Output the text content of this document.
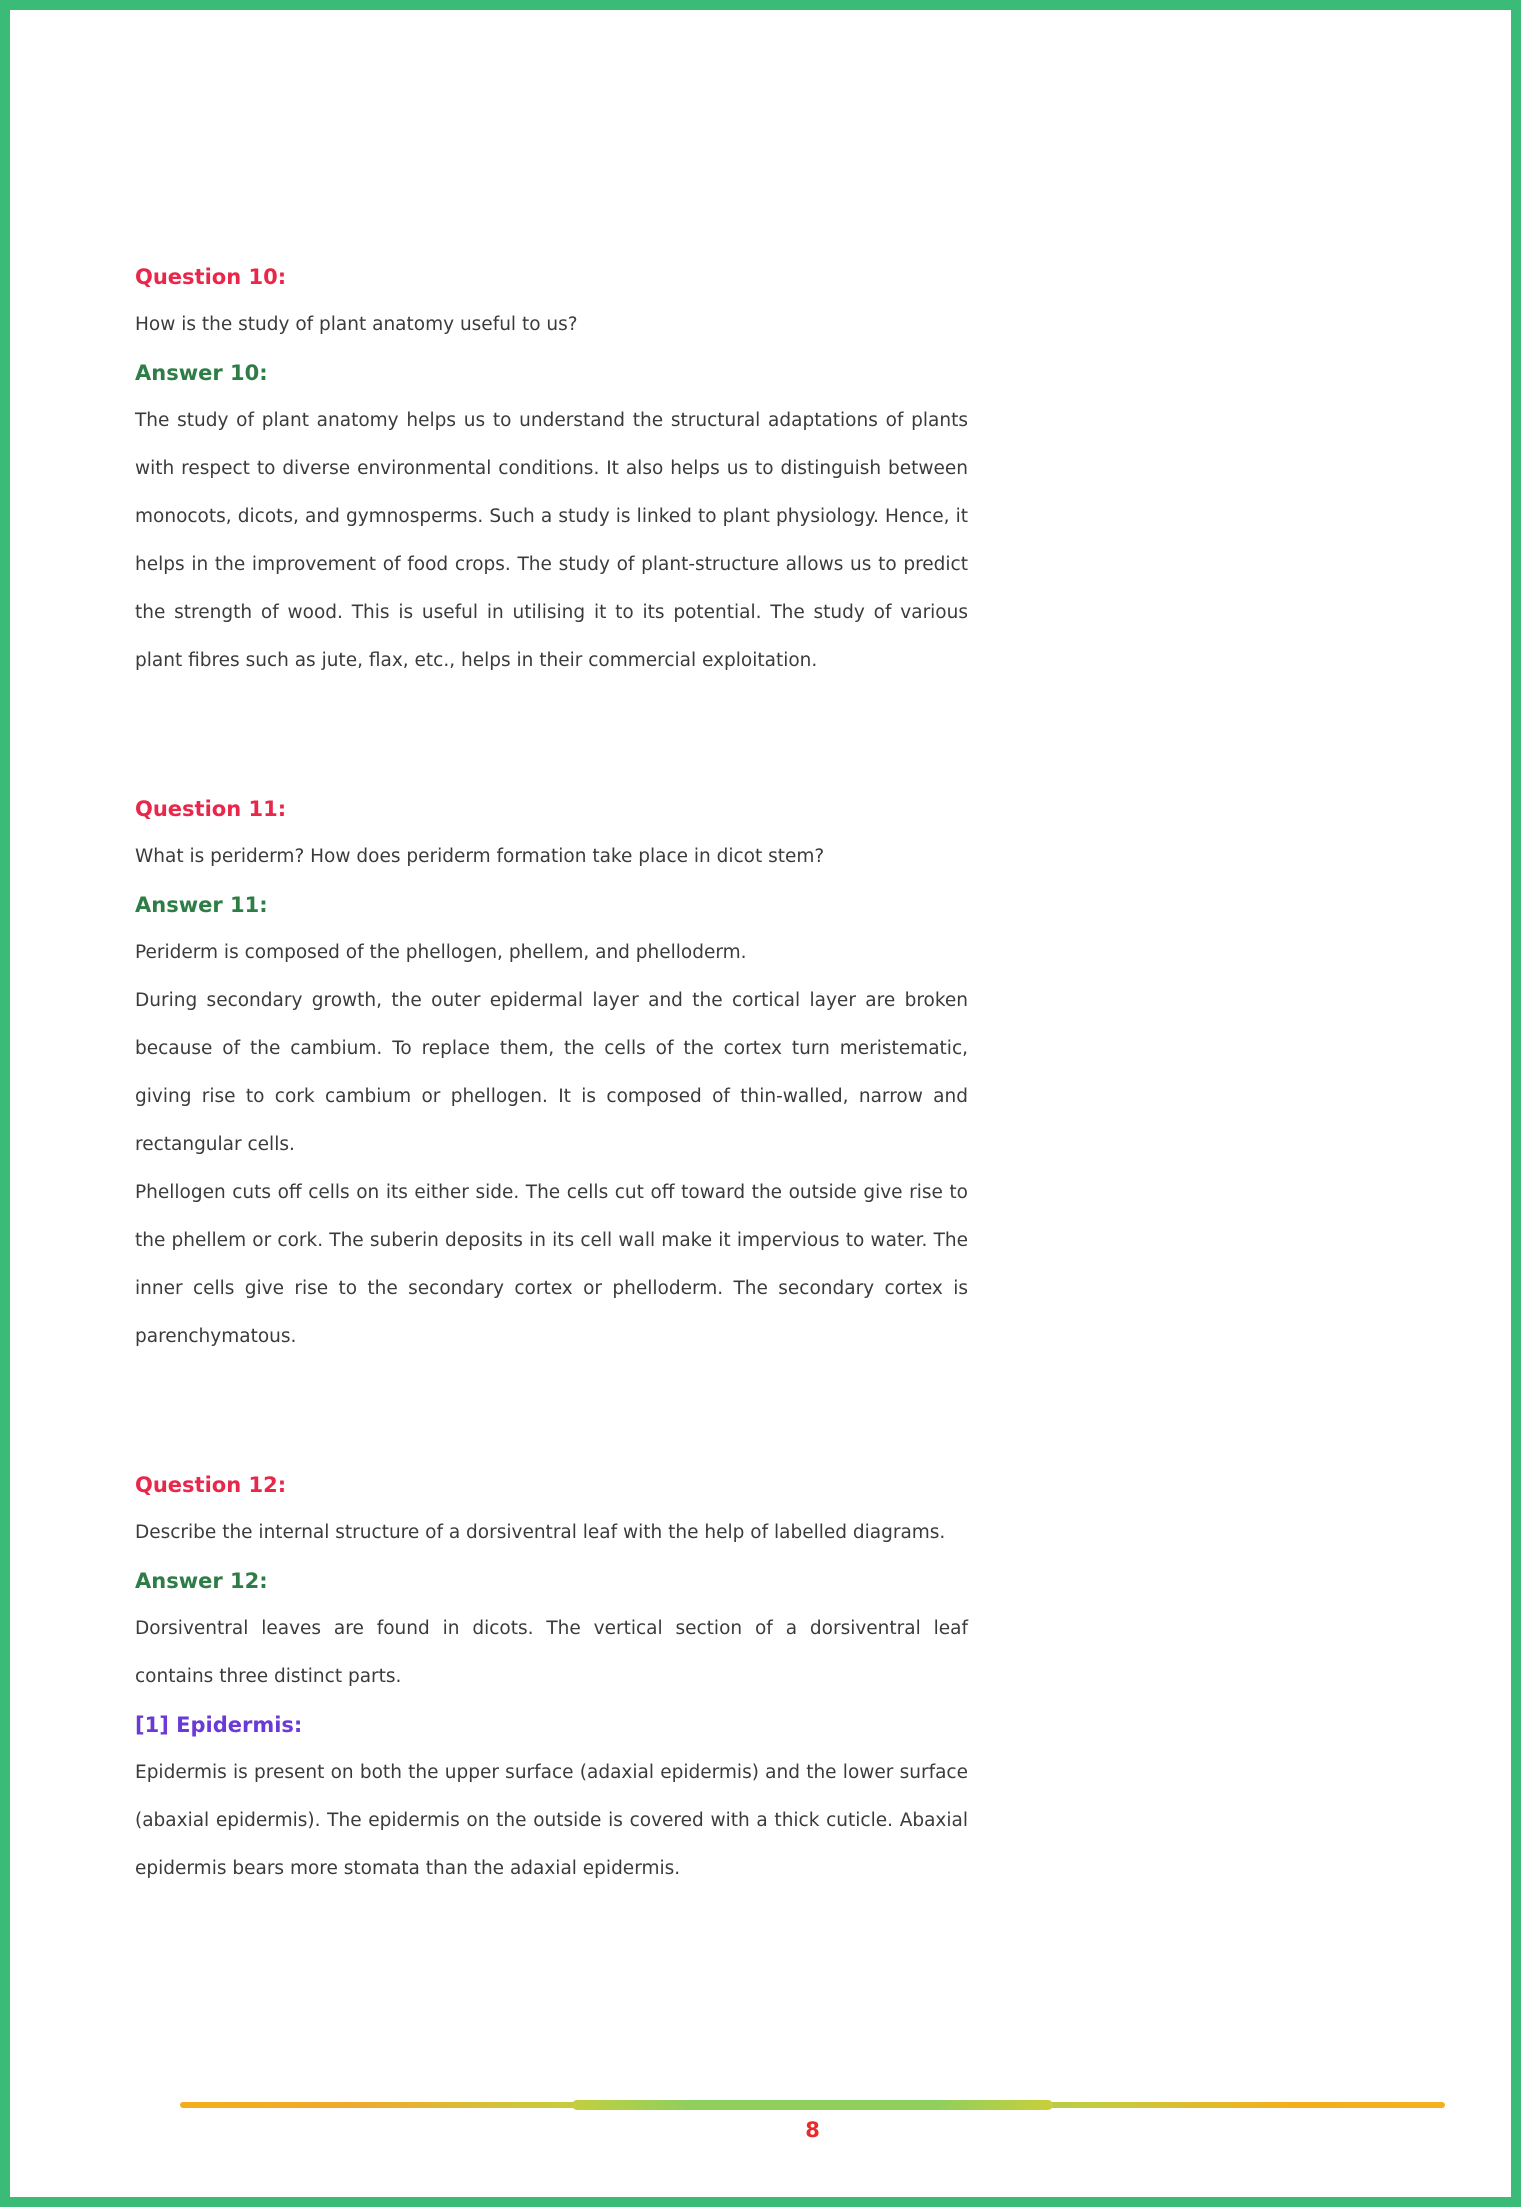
Question 10:

How is the study of plant anatomy useful to us?

Answer 10:

The study of plant anatomy helps us to understand the structural adaptations of plants with respect to diverse environmental conditions. It also helps us to distinguish between monocots, dicots, and gymnosperms. Such a study is linked to plant physiology. Hence, it helps in the improvement of food crops. The study of plant-structure allows us to predict the strength of wood. This is useful in utilising it to its potential. The study of various plant fibres such as jute, flax, etc., helps in their commercial exploitation.

Question 11:

What is periderm? How does periderm formation take place in dicot stem?

Answer 11:

Periderm is composed of the phellogen, phellem, and phelloderm.

During secondary growth, the outer epidermal layer and the cortical layer are broken because of the cambium. To replace them, the cells of the cortex turn meristematic, giving rise to cork cambium or phellogen. It is composed of thin-walled, narrow and rectangular cells.

Phellogen cuts off cells on its either side. The cells cut off toward the outside give rise to the phellem or cork. The suberin deposits in its cell wall make it impervious to water. The inner cells give rise to the secondary cortex or phelloderm. The secondary cortex is parenchymatous.

Question 12:

Describe the internal structure of a dorsiventral leaf with the help of labelled diagrams.

Answer 12:

Dorsiventral leaves are found in dicots. The vertical section of a dorsiventral leaf contains three distinct parts.

[1] Epidermis:

Epidermis is present on both the upper surface (adaxial epidermis) and the lower surface (abaxial epidermis). The epidermis on the outside is covered with a thick cuticle. Abaxial epidermis bears more stomata than the adaxial epidermis.

8
